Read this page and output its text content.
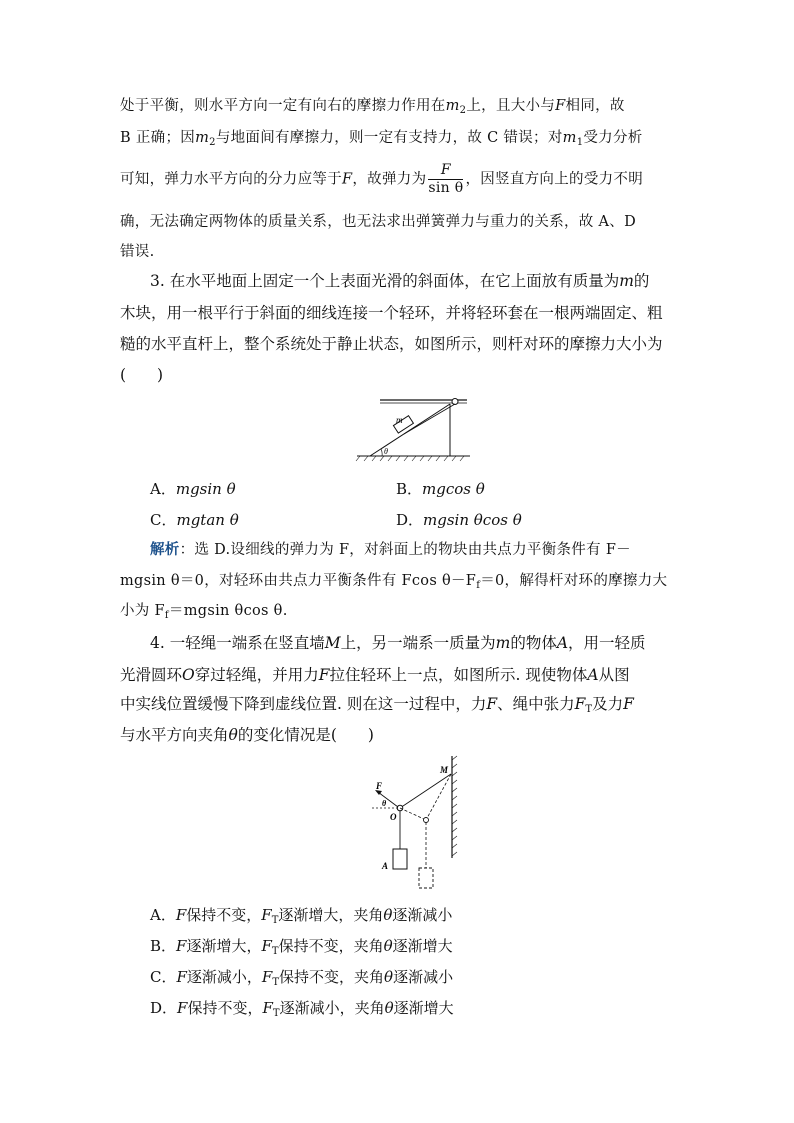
处于平衡，则水平方向一定有向右的摩擦力作用在$m_2$上，且大小与F相同，故
B 正确；因$m_2$与地面间有摩擦力，则一定有支持力，故 C 错误；对$m_1$受力分析
可知，弹力水平方向的分力应等于F，故弹力为 $\frac{F}{\text{sin θ}}$ ，因竖直方向上的受力不明
确，无法确定两物体的质量关系，也无法求出弹簧弹力与重力的关系，故 A、D
错误.
3. 在水平地面上固定一个上表面光滑的斜面体，在它上面放有质量为m的
木块，用一根平行于斜面的细线连接一个轻环，并将轻环套在一根两端固定、粗
糙的水平直杆上，整个系统处于静止状态，如图所示，则杆对环的摩擦力大小为
(　　)
m
θ
A．mgsin θ	B．mgcos θ
C．mgtan θ	D．mgsin θcos θ
解析：选 D.设细线的弹力为 F，对斜面上的物块由共点力平衡条件有 F－
mgsin θ＝0，对轻环由共点力平衡条件有 Fcos $\theta-F_f=0$，解得杆对环的摩擦力大
小为 $F_f=mgsin$ θcos θ.
4. 一轻绳一端系在竖直墙M上，另一端系一质量为m的物体A，用一轻质
光滑圆环O穿过轻绳，并用力F拉住轻环上一点，如图所示. 现使物体A从图
中实线位置缓慢下降到虚线位置. 则在这一过程中，力F、绳中张力$F_T$及力F
与水平方向夹角θ的变化情况是(　　)
M
F
θ
O
A
A．F保持不变，$F_T$逐渐增大，夹角θ逐渐减小
B．F逐渐增大，$F_T$保持不变，夹角θ逐渐增大
C．F逐渐减小，$F_T$保持不变，夹角θ逐渐减小
D．F保持不变，$F_T$逐渐减小，夹角θ逐渐增大
